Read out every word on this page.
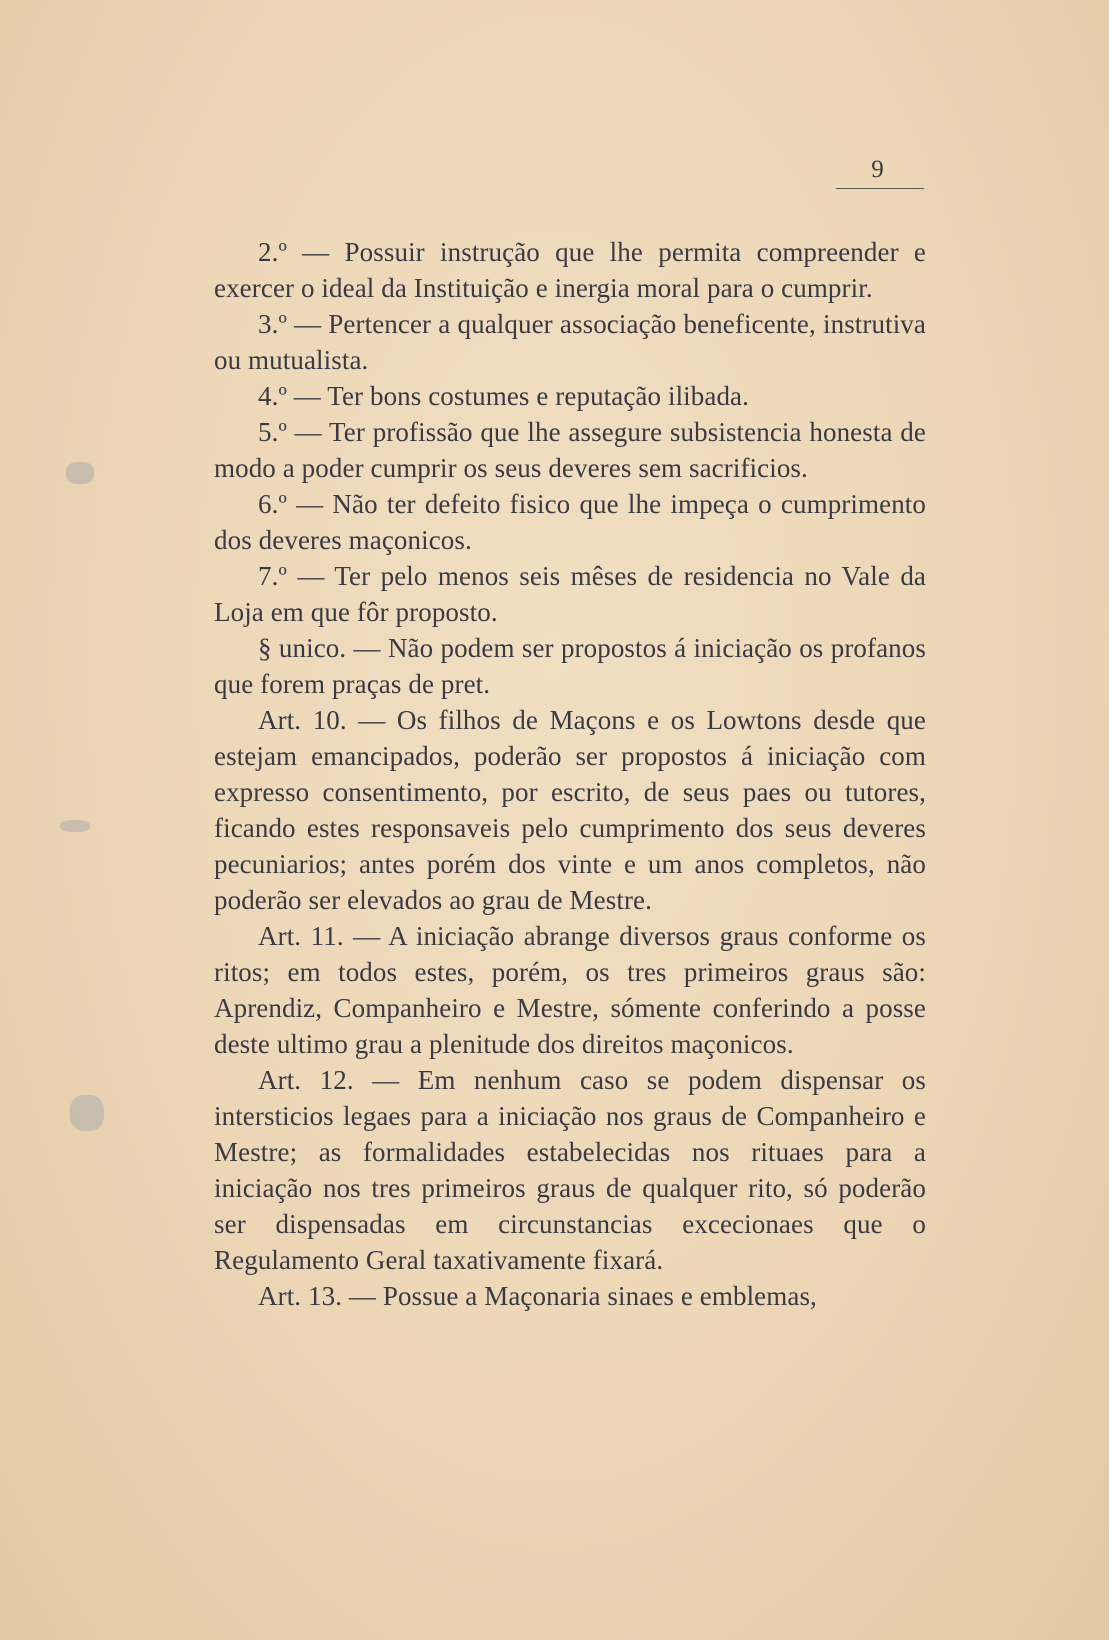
9

2.º — Possuir instrução que lhe permita compreender e exercer o ideal da Instituição e inergia moral para o cumprir.

3.º — Pertencer a qualquer associação beneficente, instrutiva ou mutualista.

4.º — Ter bons costumes e reputação ilibada.

5.º — Ter profissão que lhe assegure subsistencia honesta de modo a poder cumprir os seus deveres sem sacrificios.

6.º — Não ter defeito fisico que lhe impeça o cumprimento dos deveres maçonicos.

7.º — Ter pelo menos seis mêses de residencia no Vale da Loja em que fôr proposto.

§ unico. — Não podem ser propostos á iniciação os profanos que forem praças de pret.

Art. 10. — Os filhos de Maçons e os Lowtons desde que estejam emancipados, poderão ser propostos á iniciação com expresso consentimento, por escrito, de seus paes ou tutores, ficando estes responsaveis pelo cumprimento dos seus deveres pecuniarios; antes porém dos vinte e um anos completos, não poderão ser elevados ao grau de Mestre.

Art. 11. — A iniciação abrange diversos graus conforme os ritos; em todos estes, porém, os tres primeiros graus são: Aprendiz, Companheiro e Mestre, sómente conferindo a posse deste ultimo grau a plenitude dos direitos maçonicos.

Art. 12. — Em nenhum caso se podem dispensar os intersticios legaes para a iniciação nos graus de Companheiro e Mestre; as formalidades estabelecidas nos rituaes para a iniciação nos tres primeiros graus de qualquer rito, só poderão ser dispensadas em circunstancias excecionaes que o Regulamento Geral taxativamente fixará.

Art. 13. — Possue a Maçonaria sinaes e emblemas,
